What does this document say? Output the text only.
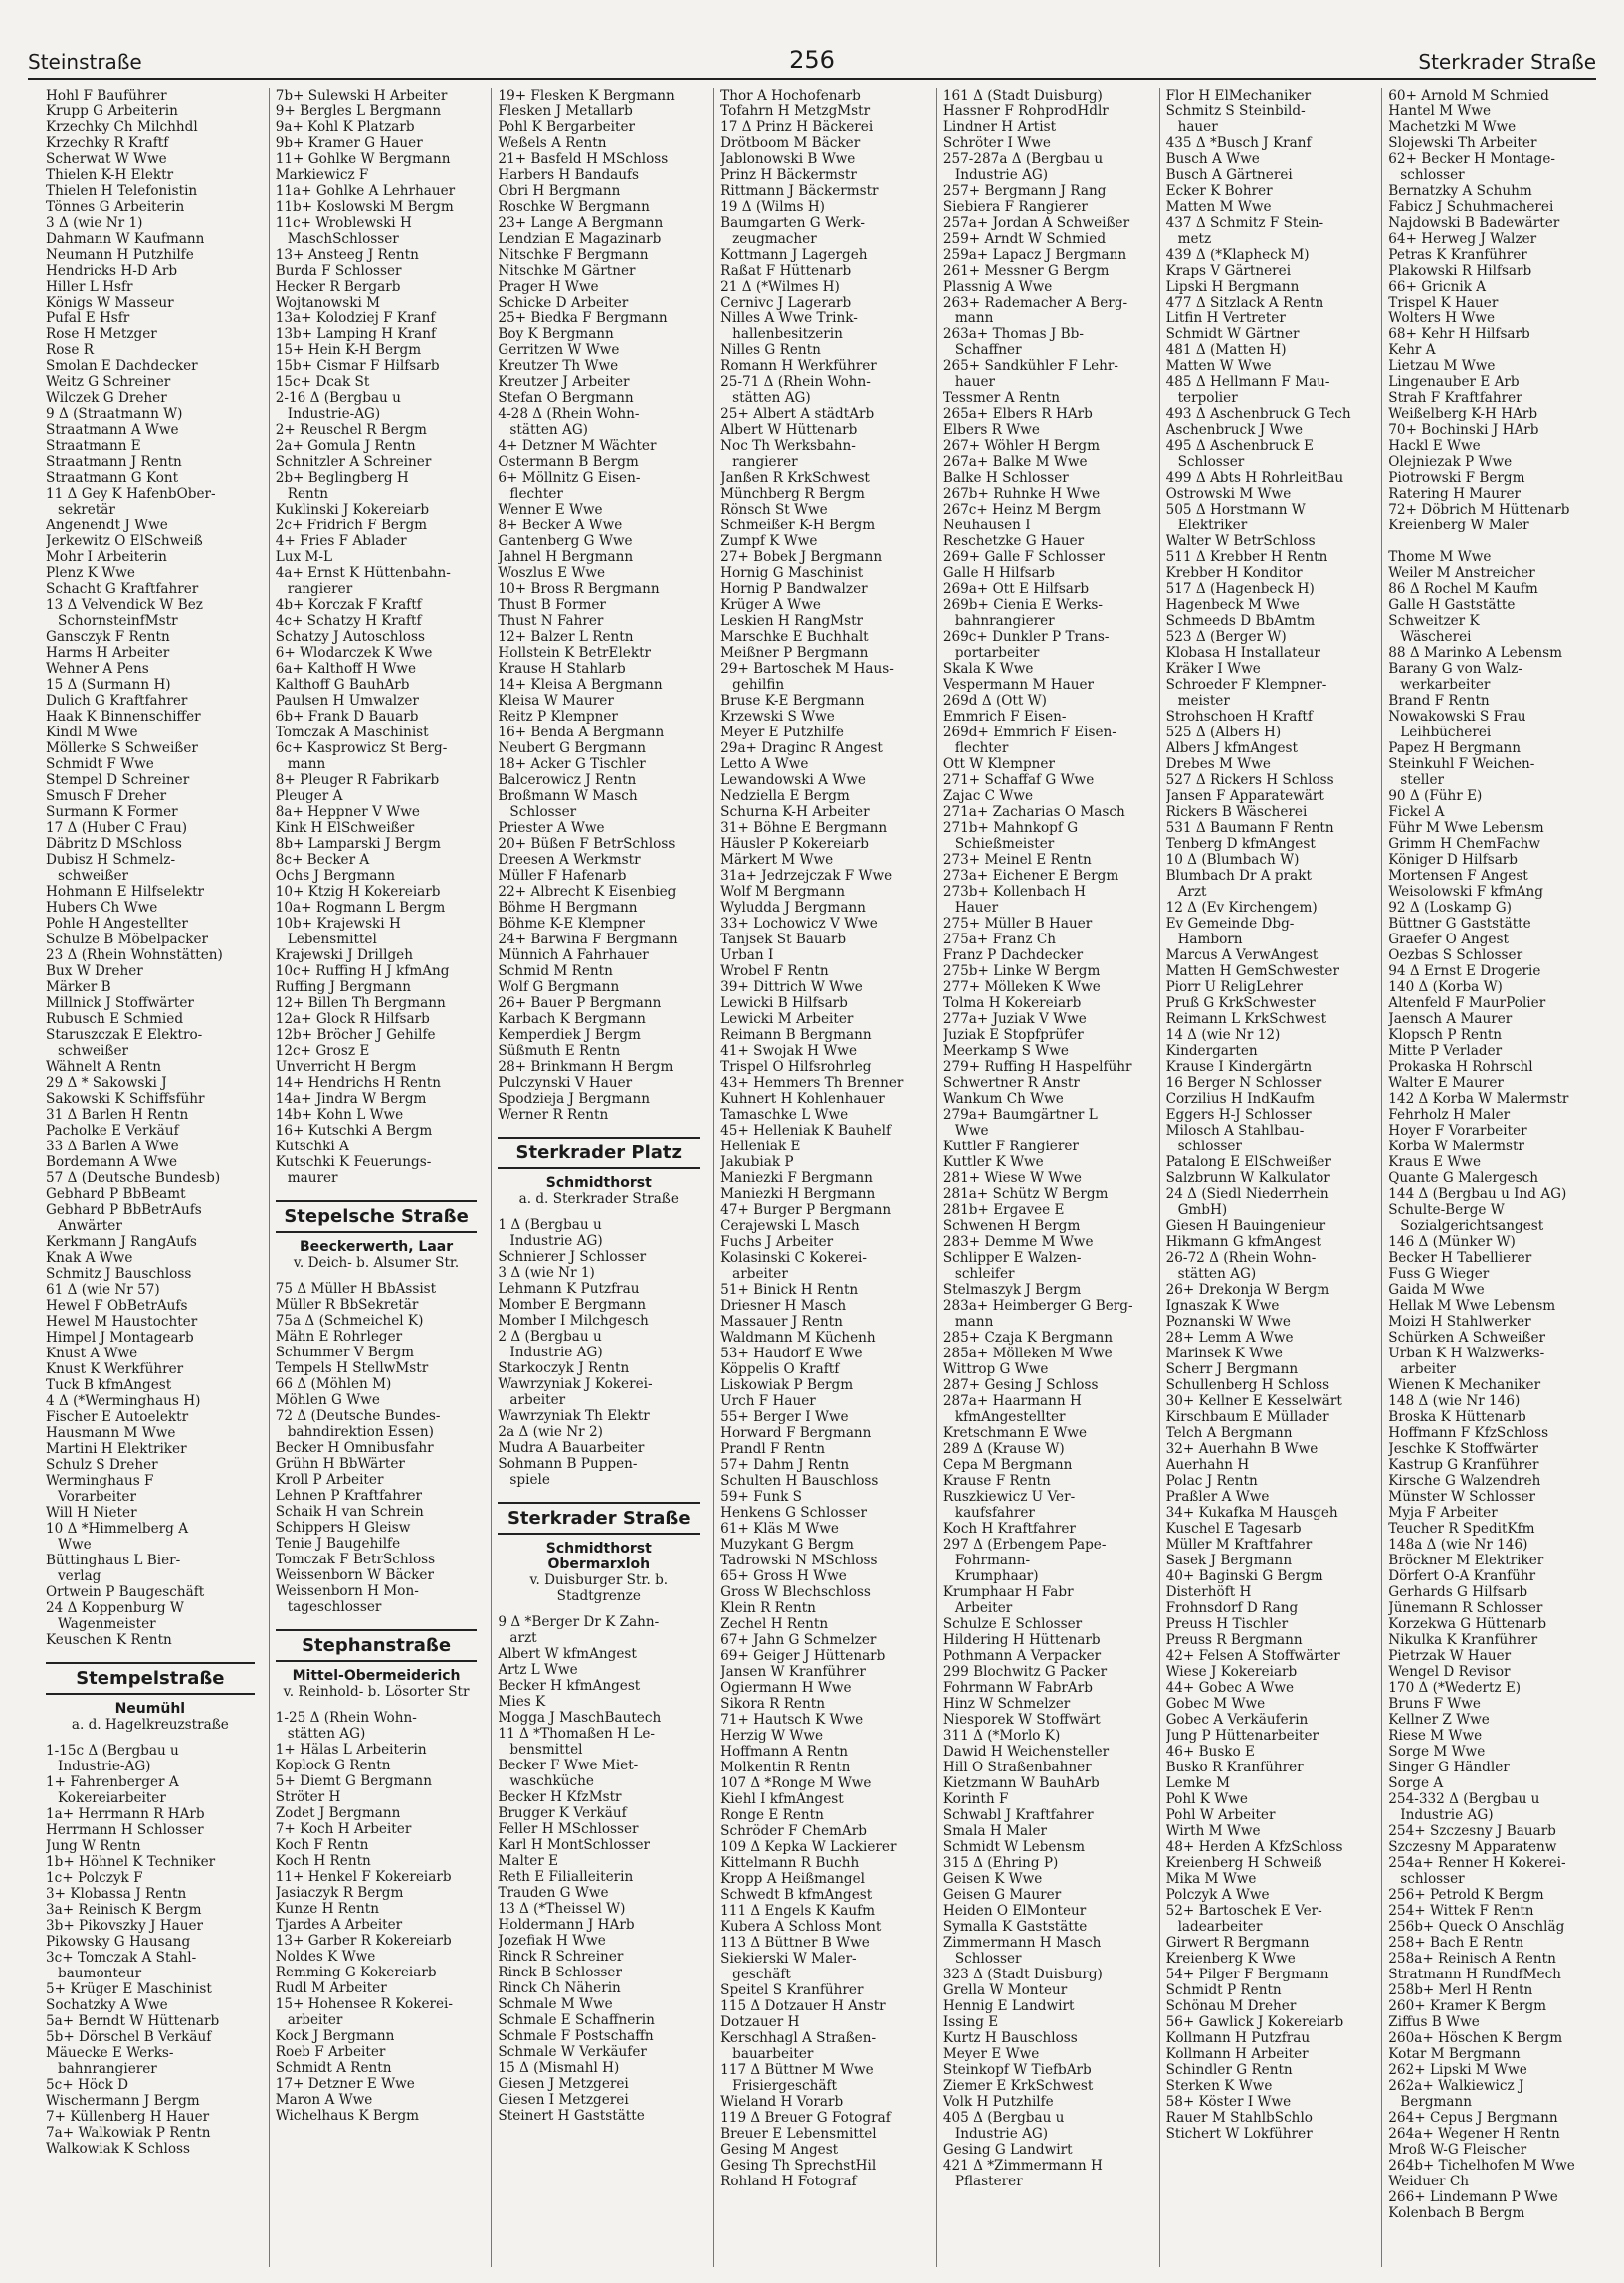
Steinstraße	256	Sterkrader Straße
Hohl F Bauführer
Krupp G Arbeiterin
Krzechky Ch Milchhdl
Krzechky R Kraftf
Scherwat W Wwe
Thielen K-H Elektr
Thielen H Telefonistin
Tönnes G Arbeiterin
3 Δ (wie Nr 1)
Dahmann W Kaufmann
Neumann H Putzhilfe
Hendricks H-D Arb
Hiller L Hsfr
Königs W Masseur
Pufal E Hsfr
Rose H Metzger
Rose R
Smolan E Dachdecker
Weitz G Schreiner
Wilczek G Dreher
9 Δ (Straatmann W)
Straatmann A Wwe
Straatmann E
Straatmann J Rentn
Straatmann G Kont
11 Δ Gey K HafenbOber-
sekretär
Angenendt J Wwe
Jerkewitz O ElSchweiß
Mohr I Arbeiterin
Plenz K Wwe
Schacht G Kraftfahrer
13 Δ Velvendick W Bez
SchornsteinfMstr
Gansczyk F Rentn
Harms H Arbeiter
Wehner A Pens
15 Δ (Surmann H)
Dulich G Kraftfahrer
Haak K Binnenschiffer
Kindl M Wwe
Möllerke S Schweißer
Schmidt F Wwe
Stempel D Schreiner
Smusch F Dreher
Surmann K Former
17 Δ (Huber C Frau)
Däbritz D MSchloss
Dubisz H Schmelz-
schweißer
Hohmann E Hilfselektr
Hubers Ch Wwe
Pohle H Angestellter
Schulze B Möbelpacker
23 Δ (Rhein Wohnstätten)
Bux W Dreher
Märker B
Millnick J Stoffwärter
Rubusch E Schmied
Staruszczak E Elektro-
schweißer
Wähnelt A Rentn
29 Δ * Sakowski J
Sakowski K Schiffsführ
31 Δ Barlen H Rentn
Pacholke E Verkäuf
33 Δ Barlen A Wwe
Bordemann A Wwe
57 Δ (Deutsche Bundesb)
Gebhard P BbBeamt
Gebhard P BbBetrAufs
Anwärter
Kerkmann J RangAufs
Knak A Wwe
Schmitz J Bauschloss
61 Δ (wie Nr 57)
Hewel F ObBetrAufs
Hewel M Haustochter
Himpel J Montagearb
Knust A Wwe
Knust K Werkführer
Tuck B kfmAngest
4 Δ (*Werminghaus H)
Fischer E Autoelektr
Hausmann M Wwe
Martini H Elektriker
Schulz S Dreher
Werminghaus F
Vorarbeiter
Will H Nieter
10 Δ *Himmelberg A
Wwe
Büttinghaus L Bier-
verlag
Ortwein P Baugeschäft
24 Δ Koppenburg W
Wagenmeister
Keuschen K Rentn
Stempelstraße
Neumühl
a. d. Hagelkreuzstraße
1-15c Δ (Bergbau u
Industrie-AG)
1+ Fahrenberger A
Kokereiarbeiter
1a+ Herrmann R HArb
Herrmann H Schlosser
Jung W Rentn
1b+ Höhnel K Techniker
1c+ Polczyk F
3+ Klobassa J Rentn
3a+ Reinisch K Bergm
3b+ Pikovszky J Hauer
Pikowsky G Hausang
3c+ Tomczak A Stahl-
baumonteur
5+ Krüger E Maschinist
Sochatzky A Wwe
5a+ Berndt W Hüttenarb
5b+ Dörschel B Verkäuf
Mäuecke E Werks-
bahnrangierer
5c+ Höck D
Wischermann J Bergm
7+ Küllenberg H Hauer
7a+ Walkowiak P Rentn
Walkowiak K Schloss
7b+ Sulewski H Arbeiter
9+ Bergles L Bergmann
9a+ Kohl K Platzarb
9b+ Kramer G Hauer
11+ Gohlke W Bergmann
Markiewicz F
11a+ Gohlke A Lehrhauer
11b+ Koslowski M Bergm
11c+ Wroblewski H
MaschSchlosser
13+ Ansteeg J Rentn
Burda F Schlosser
Hecker R Bergarb
Wojtanowski M
13a+ Kolodziej F Kranf
13b+ Lamping H Kranf
15+ Hein K-H Bergm
15b+ Cismar F Hilfsarb
15c+ Dcak St
2-16 Δ (Bergbau u
Industrie-AG)
2+ Reuschel R Bergm
2a+ Gomula J Rentn
Schnitzler A Schreiner
2b+ Beglingberg H
Rentn
Kuklinski J Kokereiarb
2c+ Fridrich F Bergm
4+ Fries F Ablader
Lux M-L
4a+ Ernst K Hüttenbahn-
rangierer
4b+ Korczak F Kraftf
4c+ Schatzy H Kraftf
Schatzy J Autoschloss
6+ Wlodarczek K Wwe
6a+ Kalthoff H Wwe
Kalthoff G BauhArb
Paulsen H Umwalzer
6b+ Frank D Bauarb
Tomczak A Maschinist
6c+ Kasprowicz St Berg-
mann
8+ Pleuger R Fabrikarb
Pleuger A
8a+ Heppner V Wwe
Kink H ElSchweißer
8b+ Lamparski J Bergm
8c+ Becker A
Ochs J Bergmann
10+ Ktzig H Kokereiarb
10a+ Rogmann L Bergm
10b+ Krajewski H
Lebensmittel
Krajewski J Drillgeh
10c+ Ruffing H J kfmAng
Ruffing J Bergmann
12+ Billen Th Bergmann
12a+ Glock R Hilfsarb
12b+ Bröcher J Gehilfe
12c+ Grosz E
Unverricht H Bergm
14+ Hendrichs H Rentn
14a+ Jindra W Bergm
14b+ Kohn L Wwe
16+ Kutschki A Bergm
Kutschki A
Kutschki K Feuerungs-
maurer
Stepelsche Straße
Beeckerwerth, Laar
v. Deich- b. Alsumer Str.
75 Δ Müller H BbAssist
Müller R BbSekretär
75a Δ (Schmeichel K)
Mähn E Rohrleger
Schummer V Bergm
Tempels H StellwMstr
66 Δ (Möhlen M)
Möhlen G Wwe
72 Δ (Deutsche Bundes-
bahndirektion Essen)
Becker H Omnibusfahr
Grühn H BbWärter
Kroll P Arbeiter
Lehnen P Kraftfahrer
Schaik H van Schrein
Schippers H Gleisw
Tenie J Baugehilfe
Tomczak F BetrSchloss
Weissenborn W Bäcker
Weissenborn H Mon-
tageschlosser
Stephanstraße
Mittel-Obermeiderich
v. Reinhold- b. Lösorter Str
1-25 Δ (Rhein Wohn-
stätten AG)
1+ Hälas L Arbeiterin
Koplock G Rentn
5+ Diemt G Bergmann
Ströter H
Zodet J Bergmann
7+ Koch H Arbeiter
Koch F Rentn
Koch H Rentn
11+ Henkel F Kokereiarb
Jasiaczyk R Bergm
Kunze H Rentn
Tjardes A Arbeiter
13+ Garber R Kokereiarb
Noldes K Wwe
Remming G Kokereiarb
Rudl M Arbeiter
15+ Hohensee R Kokerei-
arbeiter
Kock J Bergmann
Roeb F Arbeiter
Schmidt A Rentn
17+ Detzner E Wwe
Maron A Wwe
Wichelhaus K Bergm
19+ Flesken K Bergmann
Flesken J Metallarb
Pohl K Bergarbeiter
Weßels A Rentn
21+ Basfeld H MSchloss
Harbers H Bandaufs
Obri H Bergmann
Roschke W Bergmann
23+ Lange A Bergmann
Lendzian E Magazinarb
Nitschke F Bergmann
Nitschke M Gärtner
Prager H Wwe
Schicke D Arbeiter
25+ Biedka F Bergmann
Boy K Bergmann
Gerritzen W Wwe
Kreutzer Th Wwe
Kreutzer J Arbeiter
Stefan O Bergmann
4-28 Δ (Rhein Wohn-
stätten AG)
4+ Detzner M Wächter
Ostermann B Bergm
6+ Möllnitz G Eisen-
flechter
Wenner E Wwe
8+ Becker A Wwe
Gantenberg G Wwe
Jahnel H Bergmann
Woszlus E Wwe
10+ Bross R Bergmann
Thust B Former
Thust N Fahrer
12+ Balzer L Rentn
Hollstein K BetrElektr
Krause H Stahlarb
14+ Kleisa A Bergmann
Kleisa W Maurer
Reitz P Klempner
16+ Benda A Bergmann
Neubert G Bergmann
18+ Acker G Tischler
Balcerowicz J Rentn
Broßmann W Masch
Schlosser
Priester A Wwe
20+ Büßen F BetrSchloss
Dreesen A Werkmstr
Müller F Hafenarb
22+ Albrecht K Eisenbieg
Böhme H Bergmann
Böhme K-E Klempner
24+ Barwina F Bergmann
Münnich A Fahrhauer
Schmid M Rentn
Wolf G Bergmann
26+ Bauer P Bergmann
Karbach K Bergmann
Kemperdiek J Bergm
Süßmuth E Rentn
28+ Brinkmann H Bergm
Pulczynski V Hauer
Spodzieja J Bergmann
Werner R Rentn
Sterkrader Platz
Schmidthorst
a. d. Sterkrader Straße
1 Δ (Bergbau u
Industrie AG)
Schnierer J Schlosser
3 Δ (wie Nr 1)
Lehmann K Putzfrau
Momber E Bergmann
Momber I Milchgesch
2 Δ (Bergbau u
Industrie AG)
Starkoczyk J Rentn
Wawrzyniak J Kokerei-
arbeiter
Wawrzyniak Th Elektr
2a Δ (wie Nr 2)
Mudra A Bauarbeiter
Sohmann B Puppen-
spiele
Sterkrader Straße
Schmidthorst Obermarxloh
v. Duisburger Str. b. Stadtgrenze
9 Δ *Berger Dr K Zahn-
arzt
Albert W kfmAngest
Artz L Wwe
Becker H kfmAngest
Mies K
Mogga J MaschBautech
11 Δ *Thomaßen H Le-
bensmittel
Becker F Wwe Miet-
waschküche
Becker H KfzMstr
Brugger K Verkäuf
Feller H MSchlosser
Karl H MontSchlosser
Malter E
Reth E Filialleiterin
Trauden G Wwe
13 Δ (*Theissel W)
Holdermann J HArb
Jozefiak H Wwe
Rinck R Schreiner
Rinck B Schlosser
Rinck Ch Näherin
Schmale M Wwe
Schmale E Schaffnerin
Schmale F Postschaffn
Schmale W Verkäufer
15 Δ (Mismahl H)
Giesen J Metzgerei
Giesen I Metzgerei
Steinert H Gaststätte
Thor A Hochofenarb
Tofahrn H MetzgMstr
17 Δ Prinz H Bäckerei
Drötboom M Bäcker
Jablonowski B Wwe
Prinz H Bäckermstr
Rittmann J Bäckermstr
19 Δ (Wilms H)
Baumgarten G Werk-
zeugmacher
Kottmann J Lagergeh
Raßat F Hüttenarb
21 Δ (*Wilmes H)
Cernivc J Lagerarb
Nilles A Wwe Trink-
hallenbesitzerin
Nilles G Rentn
Romann H Werkführer
25-71 Δ (Rhein Wohn-
stätten AG)
25+ Albert A städtArb
Albert W Hüttenarb
Noc Th Werksbahn-
rangierer
Janßen R KrkSchwest
Münchberg R Bergm
Rönsch St Wwe
Schmeißer K-H Bergm
Zumpf K Wwe
27+ Bobek J Bergmann
Hornig G Maschinist
Hornig P Bandwalzer
Krüger A Wwe
Leskien H RangMstr
Marschke E Buchhalt
Meißner P Bergmann
29+ Bartoschek M Haus-
gehilfin
Bruse K-E Bergmann
Krzewski S Wwe
Meyer E Putzhilfe
29a+ Draginc R Angest
Letto A Wwe
Lewandowski A Wwe
Nedziella E Bergm
Schurna K-H Arbeiter
31+ Böhne E Bergmann
Häusler P Kokereiarb
Märkert M Wwe
31a+ Jedrzejczak F Wwe
Wolf M Bergmann
Wyludda J Bergmann
33+ Lochowicz V Wwe
Tanjsek St Bauarb
Urban I
Wrobel F Rentn
39+ Dittrich W Wwe
Lewicki B Hilfsarb
Lewicki M Arbeiter
Reimann B Bergmann
41+ Swojak H Wwe
Trispel O Hilfsrohrleg
43+ Hemmers Th Brenner
Kuhnert H Kohlenhauer
Tamaschke L Wwe
45+ Helleniak K Bauhelf
Helleniak E
Jakubiak P
Maniezki F Bergmann
Maniezki H Bergmann
47+ Burger P Bergmann
Cerajewski L Masch
Fuchs J Arbeiter
Kolasinski C Kokerei-
arbeiter
51+ Binick H Rentn
Driesner H Masch
Massauer J Rentn
Waldmann M Küchenh
53+ Haudorf E Wwe
Köppelis O Kraftf
Liskowiak P Bergm
Urch F Hauer
55+ Berger I Wwe
Horward F Bergmann
Prandl F Rentn
57+ Dahm J Rentn
Schulten H Bauschloss
59+ Funk S
Henkens G Schlosser
61+ Kläs M Wwe
Muzykant G Bergm
Tadrowski N MSchloss
65+ Gross H Wwe
Gross W Blechschloss
Klein R Rentn
Zechel H Rentn
67+ Jahn G Schmelzer
69+ Geiger J Hüttenarb
Jansen W Kranführer
Ogiermann H Wwe
Sikora R Rentn
71+ Hautsch K Wwe
Herzig W Wwe
Hoffmann A Rentn
Molkentin R Rentn
107 Δ *Ronge M Wwe
Kiehl I kfmAngest
Ronge E Rentn
Schröder F ChemArb
109 Δ Kepka W Lackierer
Kittelmann R Buchh
Kropp A Heißmangel
Schwedt B kfmAngest
111 Δ Engels K Kaufm
Kubera A Schloss Mont
113 Δ Büttner B Wwe
Siekierski W Maler-
geschäft
Speitel S Kranführer
115 Δ Dotzauer H Anstr
Dotzauer H
Kerschhagl A Straßen-
bauarbeiter
117 Δ Büttner M Wwe
Frisiergeschäft
Wieland H Vorarb
119 Δ Breuer G Fotograf
Breuer E Lebensmittel
Gesing M Angest
Gesing Th SprechstHil
Rohland H Fotograf
161 Δ (Stadt Duisburg)
Hassner F RohprodHdlr
Lindner H Artist
Schröter I Wwe
257-287a Δ (Bergbau u
Industrie AG)
257+ Bergmann J Rang
Siebiera F Rangierer
257a+ Jordan A Schweißer
259+ Arndt W Schmied
259a+ Lapacz J Bergmann
261+ Messner G Bergm
Plassnig A Wwe
263+ Rademacher A Berg-
mann
263a+ Thomas J Bb-
Schaffner
265+ Sandkühler F Lehr-
hauer
Tessmer A Rentn
265a+ Elbers R HArb
Elbers R Wwe
267+ Wöhler H Bergm
267a+ Balke M Wwe
Balke H Schlosser
267b+ Ruhnke H Wwe
267c+ Heinz M Bergm
Neuhausen I
Reschetzke G Hauer
269+ Galle F Schlosser
Galle H Hilfsarb
269a+ Ott E Hilfsarb
269b+ Cienia E Werks-
bahnrangierer
269c+ Dunkler P Trans-
portarbeiter
Skala K Wwe
Vespermann M Hauer
269d Δ (Ott W)
Emmrich F Eisen-
269d+ Emmrich F Eisen-
flechter
Ott W Klempner
271+ Schaffaf G Wwe
Zajac C Wwe
271a+ Zacharias O Masch
271b+ Mahnkopf G
Schießmeister
273+ Meinel E Rentn
273a+ Eichener E Bergm
273b+ Kollenbach H
Hauer
275+ Müller B Hauer
275a+ Franz Ch
Franz P Dachdecker
275b+ Linke W Bergm
277+ Mölleken K Wwe
Tolma H Kokereiarb
277a+ Juziak V Wwe
Juziak E Stopfprüfer
Meerkamp S Wwe
279+ Ruffing H Haspelführ
Schwertner R Anstr
Wankum Ch Wwe
279a+ Baumgärtner L
Wwe
Kuttler F Rangierer
Kuttler K Wwe
281+ Wiese W Wwe
281a+ Schütz W Bergm
281b+ Ergavee E
Schwenen H Bergm
283+ Demme M Wwe
Schlipper E Walzen-
schleifer
Stelmaszyk J Bergm
283a+ Heimberger G Berg-
mann
285+ Czaja K Bergmann
285a+ Mölleken M Wwe
Wittrop G Wwe
287+ Gesing J Schloss
287a+ Haarmann H
kfmAngestellter
Kretschmann E Wwe
289 Δ (Krause W)
Cepa M Bergmann
Krause F Rentn
Ruszkiewicz U Ver-
kaufsfahrer
Koch H Kraftfahrer
297 Δ (Erbengem Pape-
Fohrmann-
Krumphaar)
Krumphaar H Fabr
Arbeiter
Schulze E Schlosser
Hildering H Hüttenarb
Pothmann A Verpacker
299 Blochwitz G Packer
Fohrmann W FabrArb
Hinz W Schmelzer
Niesporek W Stoffwärt
311 Δ (*Morlo K)
Dawid H Weichensteller
Hill O Straßenbahner
Kietzmann W BauhArb
Korinth F
Schwabl J Kraftfahrer
Smala H Maler
Schmidt W Lebensm
315 Δ (Ehring P)
Geisen K Wwe
Geisen G Maurer
Heiden O ElMonteur
Symalla K Gaststätte
Zimmermann H Masch
Schlosser
323 Δ (Stadt Duisburg)
Grella W Monteur
Hennig E Landwirt
Issing E
Kurtz H Bauschloss
Meyer E Wwe
Steinkopf W TiefbArb
Ziemer E KrkSchwest
Volk H Putzhilfe
405 Δ (Bergbau u
Industrie AG)
Gesing G Landwirt
421 Δ *Zimmermann H
Pflasterer
Flor H ElMechaniker
Schmitz S Steinbild-
hauer
435 Δ *Busch J Kranf
Busch A Wwe
Busch A Gärtnerei
Ecker K Bohrer
Matten M Wwe
437 Δ Schmitz F Stein-
metz
439 Δ (*Klapheck M)
Kraps V Gärtnerei
Lipski H Bergmann
477 Δ Sitzlack A Rentn
Litfin H Vertreter
Schmidt W Gärtner
481 Δ (Matten H)
Matten W Wwe
485 Δ Hellmann F Mau-
terpolier
493 Δ Aschenbruck G Tech
Aschenbruck J Wwe
495 Δ Aschenbruck E
Schlosser
499 Δ Abts H RohrleitBau
Ostrowski M Wwe
505 Δ Horstmann W
Elektriker
Walter W BetrSchloss
511 Δ Krebber H Rentn
Krebber H Konditor
517 Δ (Hagenbeck H)
Hagenbeck M Wwe
Schmeeds D BbAmtm
523 Δ (Berger W)
Klobasa H Installateur
Kräker I Wwe
Schroeder F Klempner-
meister
Strohschoen H Kraftf
525 Δ (Albers H)
Albers J kfmAngest
Drebes M Wwe
527 Δ Rickers H Schloss
Jansen F Apparatewärt
Rickers B Wäscherei
531 Δ Baumann F Rentn
Tenberg D kfmAngest
10 Δ (Blumbach W)
Blumbach Dr A prakt
Arzt
12 Δ (Ev Kirchengem)
Ev Gemeinde Dbg-
Hamborn
Marcus A VerwAngest
Matten H GemSchwester
Piorr U ReligLehrer
Pruß G KrkSchwester
Reimann L KrkSchwest
14 Δ (wie Nr 12)
Kindergarten
Krause I Kindergärtn
16 Berger N Schlosser
Corzilius H IndKaufm
Eggers H-J Schlosser
Milosch A Stahlbau-
schlosser
Patalong E ElSchweißer
Salzbrunn W Kalkulator
24 Δ (Siedl Niederrhein
GmbH)
Giesen H Bauingenieur
Hikmann G kfmAngest
26-72 Δ (Rhein Wohn-
stätten AG)
26+ Drekonja W Bergm
Ignaszak K Wwe
Poznanski W Wwe
28+ Lemm A Wwe
Marinsek K Wwe
Scherr J Bergmann
Schullenberg H Schloss
30+ Kellner E Kesselwärt
Kirschbaum E Müllader
Telch A Bergmann
32+ Auerhahn B Wwe
Auerhahn H
Polac J Rentn
Praßler A Wwe
34+ Kukafka M Hausgeh
Kuschel E Tagesarb
Müller M Kraftfahrer
Sasek J Bergmann
40+ Baginski G Bergm
Disterhöft H
Frohnsdorf D Rang
Preuss H Tischler
Preuss R Bergmann
42+ Felsen A Stoffwärter
Wiese J Kokereiarb
44+ Gobec A Wwe
Gobec M Wwe
Gobec A Verkäuferin
Jung P Hüttenarbeiter
46+ Busko E
Busko R Kranführer
Lemke M
Pohl K Wwe
Pohl W Arbeiter
Wirth M Wwe
48+ Herden A KfzSchloss
Kreienberg H Schweiß
Mika M Wwe
Polczyk A Wwe
52+ Bartoschek E Ver-
ladearbeiter
Girwert R Bergmann
Kreienberg K Wwe
54+ Pilger F Bergmann
Schmidt P Rentn
Schönau M Dreher
56+ Gawlick J Kokereiarb
Kollmann H Putzfrau
Kollmann H Arbeiter
Schindler G Rentn
Sterken K Wwe
58+ Köster I Wwe
Rauer M StahlbSchlo
Stichert W Lokführer
60+ Arnold M Schmied
Hantel M Wwe
Machetzki M Wwe
Slojewski Th Arbeiter
62+ Becker H Montage-
schlosser
Bernatzky A Schuhm
Fabicz J Schuhmacherei
Najdowski B Badewärter
64+ Herweg J Walzer
Petras K Kranführer
Plakowski R Hilfsarb
66+ Gricnik A
Trispel K Hauer
Wolters H Wwe
68+ Kehr H Hilfsarb
Kehr A
Lietzau M Wwe
Lingenauber E Arb
Strah F Kraftfahrer
Weißelberg K-H HArb
70+ Bochinski J HArb
Hackl E Wwe
Olejniezak P Wwe
Piotrowski F Bergm
Ratering H Maurer
72+ Döbrich M Hüttenarb
Kreienberg W Maler

Thome M Wwe
Weiler M Anstreicher
86 Δ Rochel M Kaufm
Galle H Gaststätte
Schweitzer K
Wäscherei
88 Δ Marinko A Lebensm
Barany G von Walz-
werkarbeiter
Brand F Rentn
Nowakowski S Frau
Leihbücherei
Papez H Bergmann
Steinkuhl F Weichen-
steller
90 Δ (Führ E)
Fickel A
Führ M Wwe Lebensm
Grimm H ChemFachw
Königer D Hilfsarb
Mortensen F Angest
Weisolowski F kfmAng
92 Δ (Loskamp G)
Büttner G Gaststätte
Graefer O Angest
Oezbas S Schlosser
94 Δ Ernst E Drogerie
140 Δ (Korba W)
Altenfeld F MaurPolier
Jaensch A Maurer
Klopsch P Rentn
Mitte P Verlader
Prokaska H Rohrschl
Walter E Maurer
142 Δ Korba W Malermstr
Fehrholz H Maler
Hoyer F Vorarbeiter
Korba W Malermstr
Kraus E Wwe
Quante G Malergesch
144 Δ (Bergbau u Ind AG)
Schulte-Berge W
Sozialgerichtsangest
146 Δ (Münker W)
Becker H Tabellierer
Fuss G Wieger
Gaida M Wwe
Hellak M Wwe Lebensm
Moizi H Stahlwerker
Schürken A Schweißer
Urban K H Walzwerks-
arbeiter
Wienen K Mechaniker
148 Δ (wie Nr 146)
Broska K Hüttenarb
Hoffmann F KfzSchloss
Jeschke K Stoffwärter
Kastrup G Kranführer
Kirsche G Walzendreh
Münster W Schlosser
Myja F Arbeiter
Teucher R SpeditKfm
148a Δ (wie Nr 146)
Bröckner M Elektriker
Dörfert O-A Kranführ
Gerhards G Hilfsarb
Jünemann R Schlosser
Korzekwa G Hüttenarb
Nikulka K Kranführer
Pietrzak W Hauer
Wengel D Revisor
170 Δ (*Wedertz E)
Bruns F Wwe
Kellner Z Wwe
Riese M Wwe
Sorge M Wwe
Singer G Händler
Sorge A
254-332 Δ (Bergbau u
Industrie AG)
254+ Szczesny J Bauarb
Szczesny M Apparatenw
254a+ Renner H Kokerei-
schlosser
256+ Petrold K Bergm
254+ Wittek F Rentn
256b+ Queck O Anschläg
258+ Bach E Rentn
258a+ Reinisch A Rentn
Stratmann H RundfMech
258b+ Merl H Rentn
260+ Kramer K Bergm
Ziffus B Wwe
260a+ Höschen K Bergm
Kotar M Bergmann
262+ Lipski M Wwe
262a+ Walkiewicz J
Bergmann
264+ Cepus J Bergmann
264a+ Wegener H Rentn
Mroß W-G Fleischer
264b+ Tichelhofen M Wwe
Weiduer Ch
266+ Lindemann P Wwe
Kolenbach B Bergm
